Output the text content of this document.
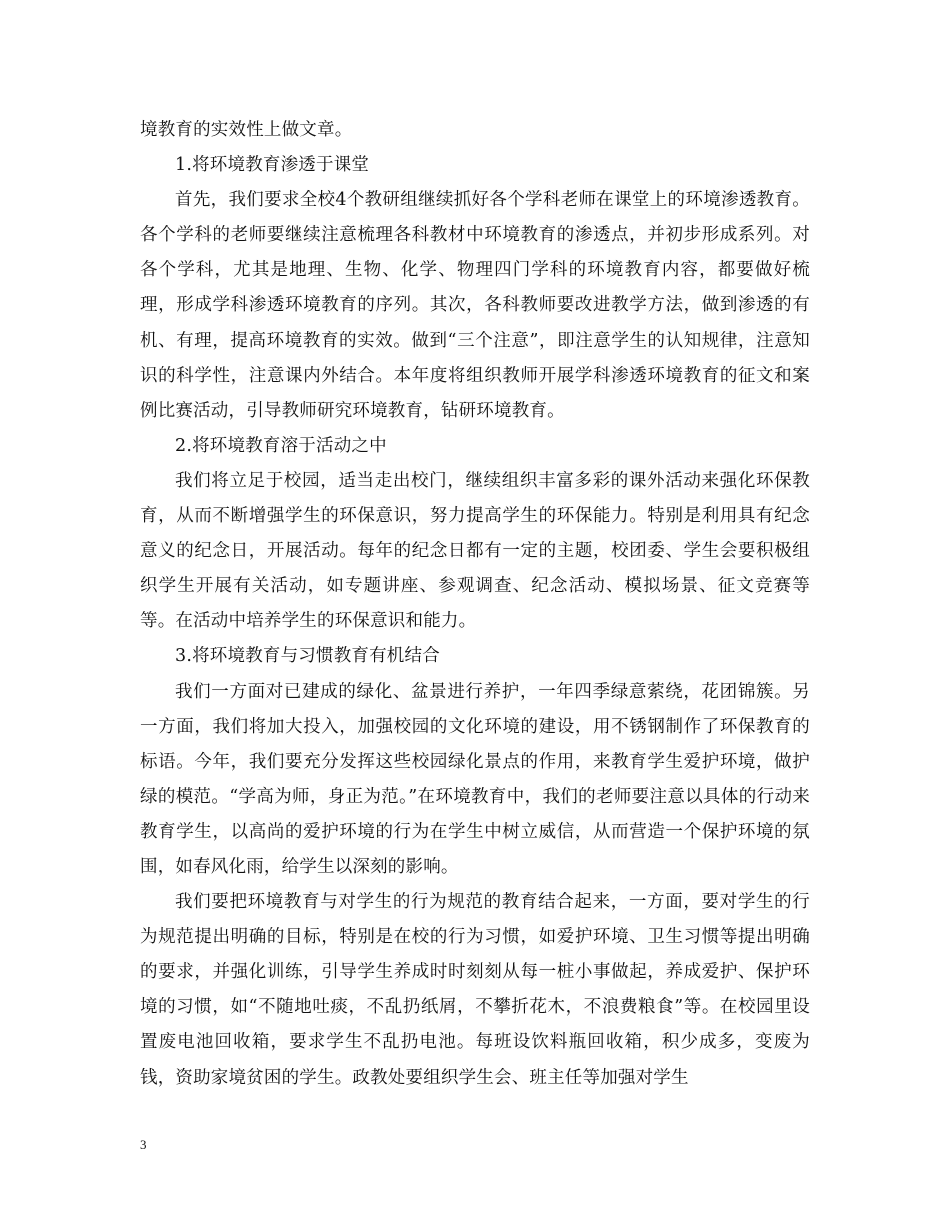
境教育的实效性上做文章。

1.将环境教育渗透于课堂

首先，我们要求全校4个教研组继续抓好各个学科老师在课堂上的环境渗透教育。各个学科的老师要继续注意梳理各科教材中环境教育的渗透点，并初步形成系列。对各个学科，尤其是地理、生物、化学、物理四门学科的环境教育内容，都要做好梳理，形成学科渗透环境教育的序列。其次，各科教师要改进教学方法，做到渗透的有机、有理，提高环境教育的实效。做到“三个注意”，即注意学生的认知规律，注意知识的科学性，注意课内外结合。本年度将组织教师开展学科渗透环境教育的征文和案例比赛活动，引导教师研究环境教育，钻研环境教育。

2.将环境教育溶于活动之中

我们将立足于校园，适当走出校门，继续组织丰富多彩的课外活动来强化环保教育，从而不断增强学生的环保意识，努力提高学生的环保能力。特别是利用具有纪念意义的纪念日，开展活动。每年的纪念日都有一定的主题，校团委、学生会要积极组织学生开展有关活动，如专题讲座、参观调查、纪念活动、模拟场景、征文竞赛等等。在活动中培养学生的环保意识和能力。

3.将环境教育与习惯教育有机结合

我们一方面对已建成的绿化、盆景进行养护，一年四季绿意萦绕，花团锦簇。另一方面，我们将加大投入，加强校园的文化环境的建设，用不锈钢制作了环保教育的标语。今年，我们要充分发挥这些校园绿化景点的作用，来教育学生爱护环境，做护绿的模范。“学高为师，身正为范。”在环境教育中，我们的老师要注意以具体的行动来教育学生，以高尚的爱护环境的行为在学生中树立威信，从而营造一个保护环境的氛围，如春风化雨，给学生以深刻的影响。

我们要把环境教育与对学生的行为规范的教育结合起来，一方面，要对学生的行为规范提出明确的目标，特别是在校的行为习惯，如爱护环境、卫生习惯等提出明确的要求，并强化训练，引导学生养成时时刻刻从每一桩小事做起，养成爱护、保护环境的习惯，如“不随地吐痰，不乱扔纸屑，不攀折花木，不浪费粮食”等。在校园里设置废电池回收箱，要求学生不乱扔电池。每班设饮料瓶回收箱，积少成多，变废为钱，资助家境贫困的学生。政教处要组织学生会、班主任等加强对学生

3
